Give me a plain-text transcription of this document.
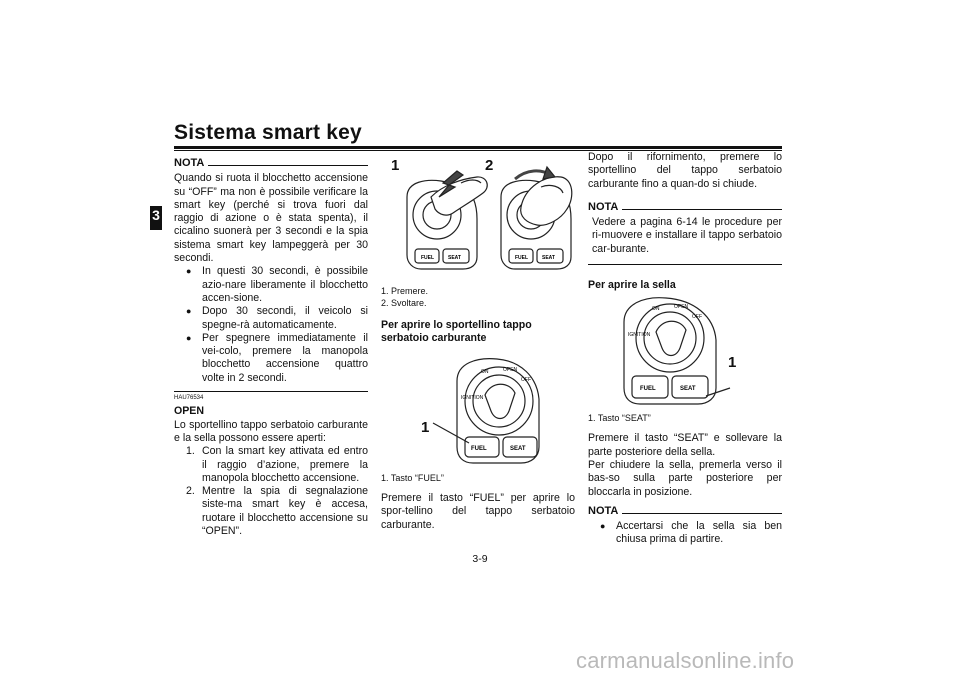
Sistema smart key
3
NOTA

Quando si ruota il blocchetto accensione su “OFF” ma non è possibile verificare la smart key (perché si trova fuori dal raggio di azione o è stata spenta), il cicalino suonerà per 3 secondi e la spia sistema smart key lampeggerà per 30 secondi.

● In questi 30 secondi, è possibile azio-nare liberamente il blocchetto accen-sione.

● Dopo 30 secondi, il veicolo si spegne-rà automaticamente.

● Per spegnere immediatamente il vei-colo, premere la manopola blocchetto accensione quattro volte in 2 secondi.

HAU76534

OPEN

Lo sportellino tappo serbatoio carburante e la sella possono essere aperti:

1. Con la smart key attivata ed entro il raggio d’azione, premere la manopola blocchetto accensione.

2. Mentre la spia di segnalazione siste-ma smart key è accesa, ruotare il blocchetto accensione su “OPEN”.

1	2
FUEL	SEAT	FUEL	SEAT
1. Premere.
2. Svoltare.

Per aprire lo sportellino tappo serbatoio carburante

1
FUEL	SEAT
ON	OPEN
OFF
IGNITION
1. Tasto “FUEL”

Premere il tasto “FUEL” per aprire lo spor-tellino del tappo serbatoio carburante.

Dopo il rifornimento, premere lo sportellino del tappo serbatoio carburante fino a quan-do si chiude.

NOTA

Vedere a pagina 6-14 le procedure per ri-muovere e installare il tappo serbatoio car-burante.

Per aprire la sella

1
FUEL	SEAT
ON	OPEN
OFF
IGNITION
1. Tasto “SEAT”

Premere il tasto “SEAT” e sollevare la parte posteriore della sella.

Per chiudere la sella, premerla verso il bas-so sulla parte posteriore per bloccarla in posizione.

NOTA

● Accertarsi che la sella sia ben chiusa prima di partire.

3-9
carmanualsonline.info
